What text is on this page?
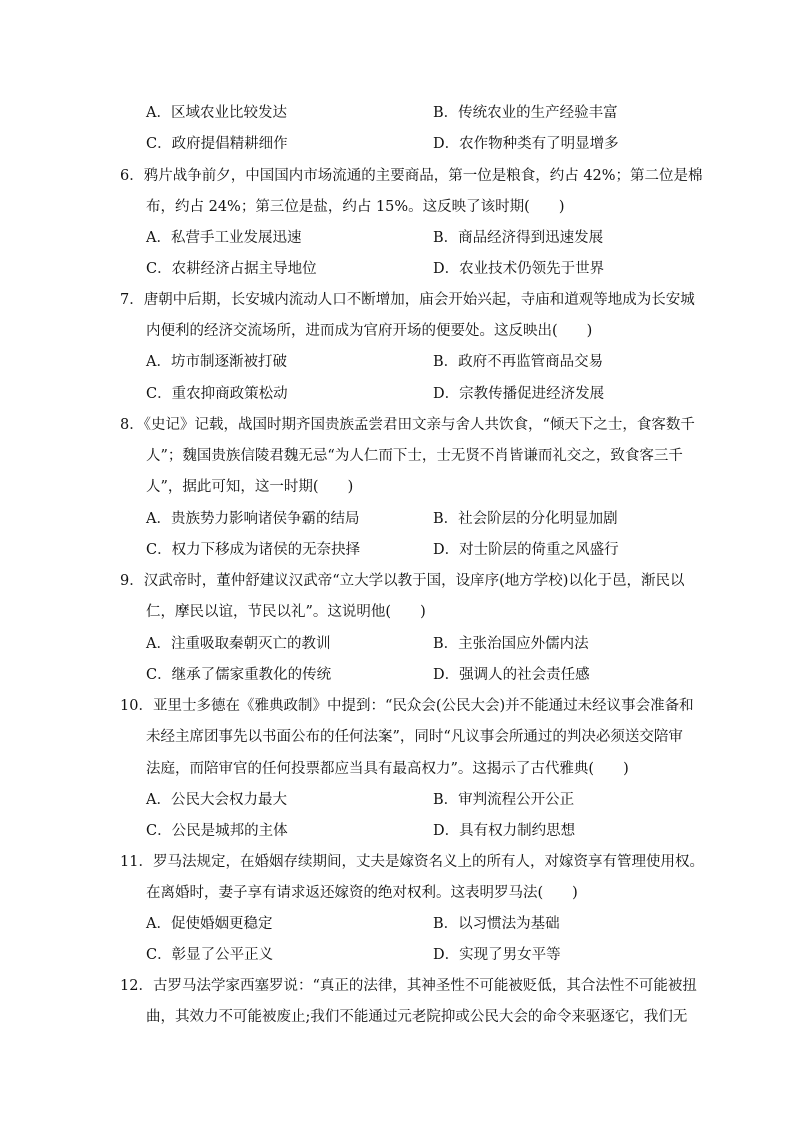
A．区域农业比较发达	B．传统农业的生产经验丰富
C．政府提倡精耕细作	D．农作物种类有了明显增多
6．鸦片战争前夕，中国国内市场流通的主要商品，第一位是粮食，约占 42%；第二位是棉
布，约占 24%；第三位是盐，约占 15%。这反映了该时期(　　)
A．私营手工业发展迅速	B．商品经济得到迅速发展
C．农耕经济占据主导地位	D．农业技术仍领先于世界
7．唐朝中后期，长安城内流动人口不断增加，庙会开始兴起，寺庙和道观等地成为长安城
内便利的经济交流场所，进而成为官府开场的便要处。这反映出(　　)
A．坊市制逐渐被打破	B．政府不再监管商品交易
C．重农抑商政策松动	D．宗教传播促进经济发展
8．《史记》记载，战国时期齐国贵族孟尝君田文亲与舍人共饮食，“倾天下之士，食客数千
人”；魏国贵族信陵君魏无忌“为人仁而下士，士无贤不肖皆谦而礼交之，致食客三千
人”，据此可知，这一时期(　　)
A．贵族势力影响诸侯争霸的结局	B．社会阶层的分化明显加剧
C．权力下移成为诸侯的无奈抉择	D．对士阶层的倚重之风盛行
9．汉武帝时，董仲舒建议汉武帝“立大学以教于国，设庠序(地方学校)以化于邑，渐民以
仁，摩民以谊，节民以礼”。这说明他(　　)
A．注重吸取秦朝灭亡的教训	B．主张治国应外儒内法
C．继承了儒家重教化的传统	D．强调人的社会责任感
10．亚里士多德在《雅典政制》中提到：“民众会(公民大会)并不能通过未经议事会准备和
未经主席团事先以书面公布的任何法案”，同时“凡议事会所通过的判决必须送交陪审
法庭，而陪审官的任何投票都应当具有最高权力”。这揭示了古代雅典(　　)
A．公民大会权力最大	B．审判流程公开公正
C．公民是城邦的主体	D．具有权力制约思想
11．罗马法规定，在婚姻存续期间，丈夫是嫁资名义上的所有人，对嫁资享有管理使用权。
在离婚时，妻子享有请求返还嫁资的绝对权利。这表明罗马法(　　)
A．促使婚姻更稳定	B．以习惯法为基础
C．彰显了公平正义	D．实现了男女平等
12．古罗马法学家西塞罗说：“真正的法律，其神圣性不可能被贬低，其合法性不可能被扭
曲，其效力不可能被废止;我们不能通过元老院抑或公民大会的命令来驱逐它，我们无
